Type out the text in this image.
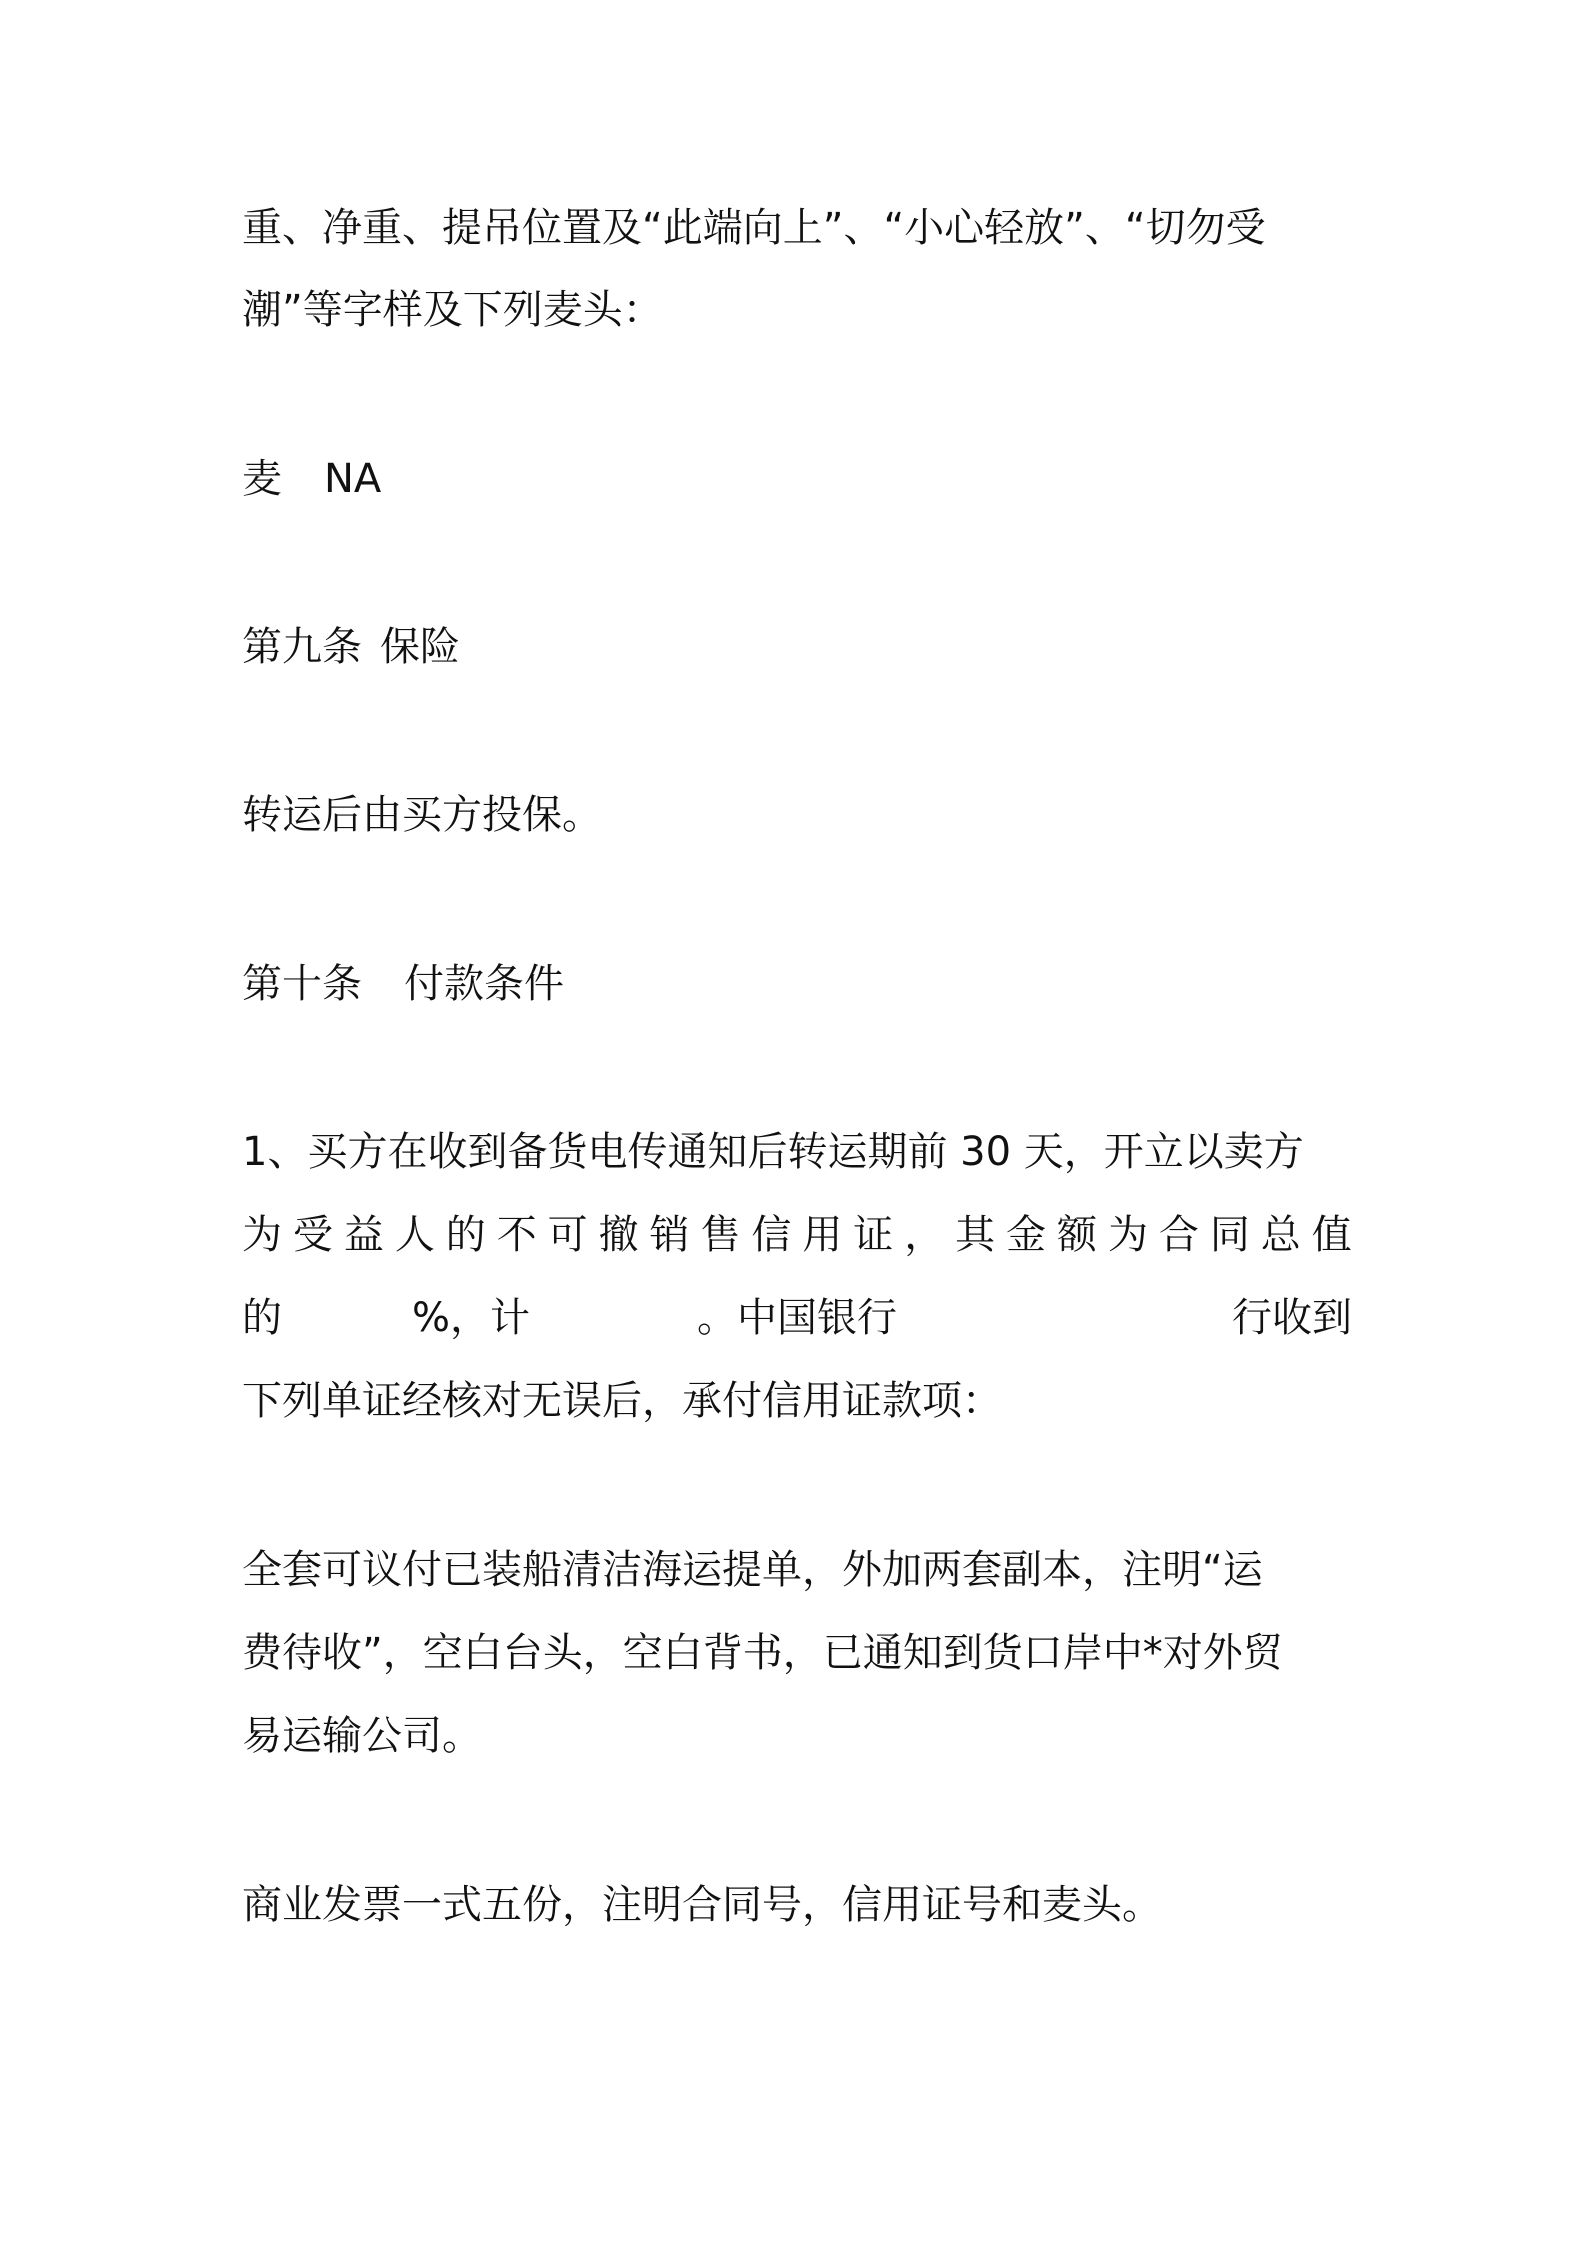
重、净重、提吊位置及“此端向上”、“小心轻放”、“切勿受
潮”等字样及下列麦头：
麦 NA
第九条 保险
转运后由买方投保。
第十条 付款条件
1、买方在收到备货电传通知后转运期前 30 天，开立以卖方
为 受 益 人 的 不 可 撤 销 售 信 用 证 ， 其 金 额 为 合 同 总 值
的	%，计	。中国银行	行收到
下列单证经核对无误后，承付信用证款项：
全套可议付已装船清洁海运提单，外加两套副本，注明“运
费待收”，空白台头，空白背书，已通知到货口岸中*对外贸
易运输公司。
商业发票一式五份，注明合同号，信用证号和麦头。
